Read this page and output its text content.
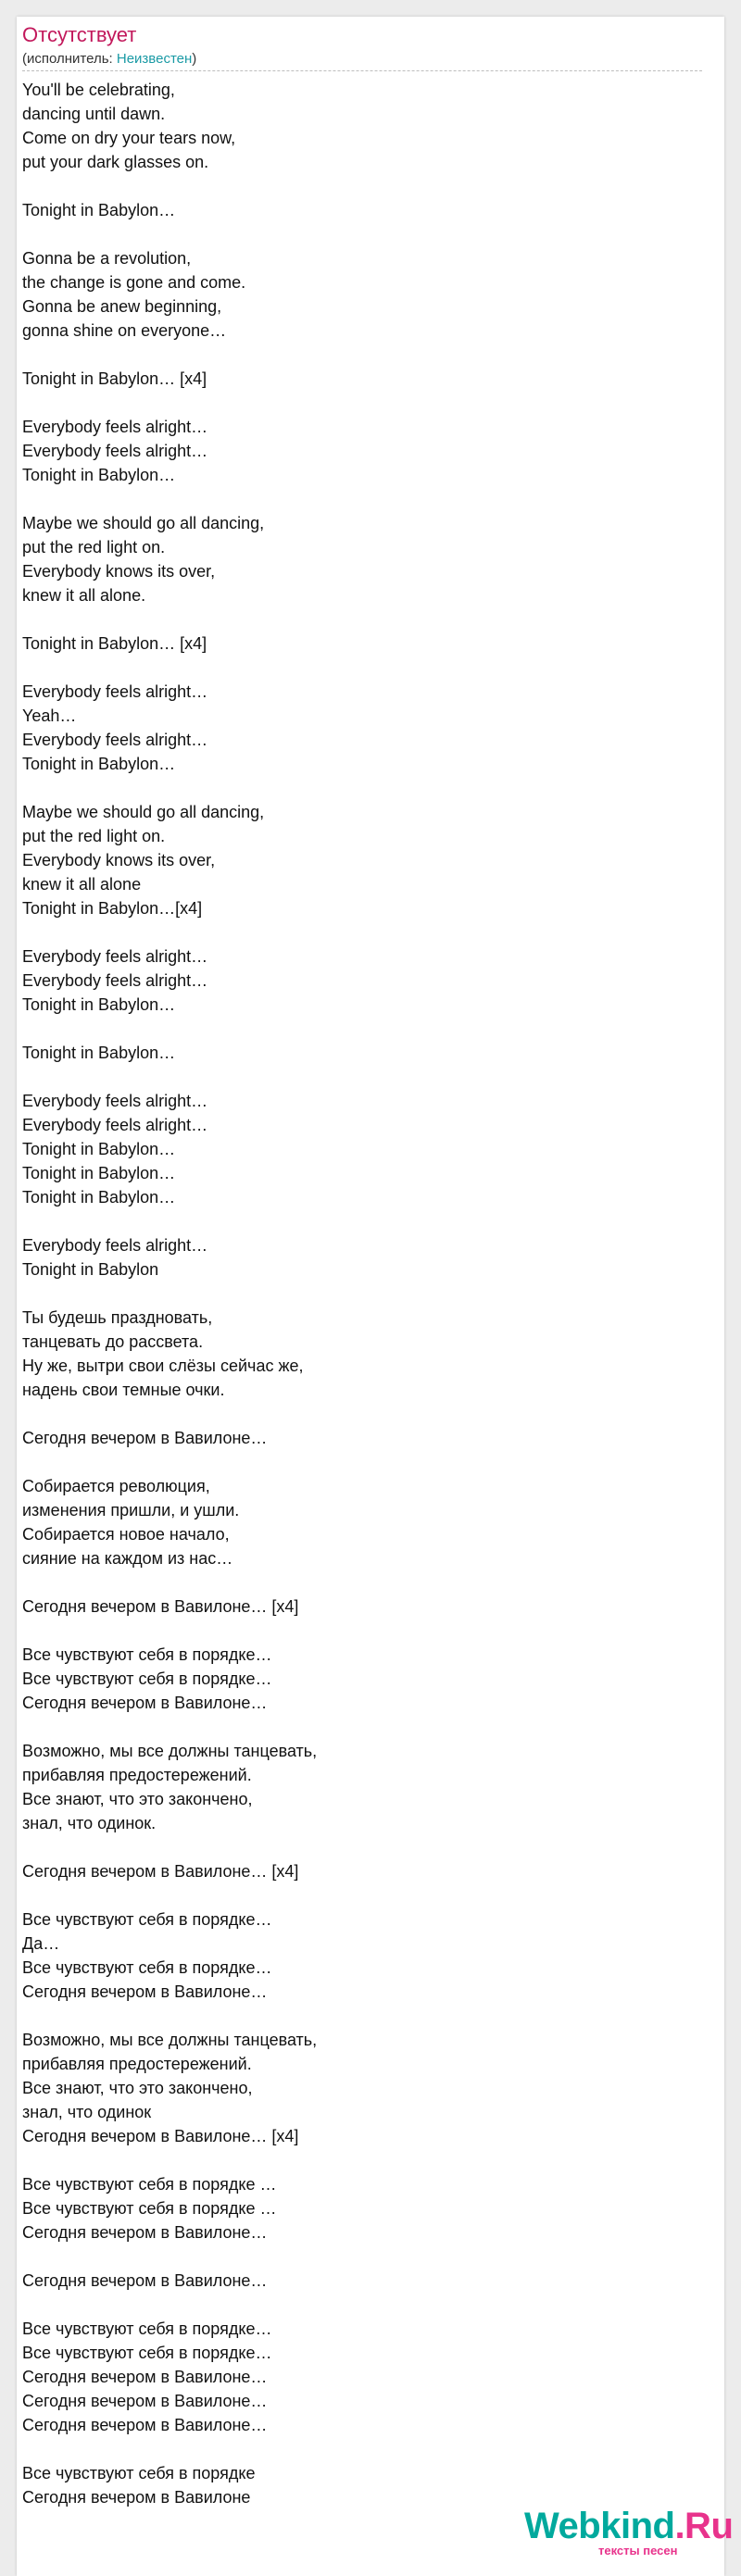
Отсутствует
(исполнитель: Неизвестен)
You'll be celebrating,
dancing until dawn.
Come on dry your tears now,
put your dark glasses on.
Tonight in Babylon…
Gonna be a revolution,
the change is gone and come.
Gonna be anew beginning,
gonna shine on everyone…
Tonight in Babylon… [x4]
Everybody feels alright…
Everybody feels alright…
Tonight in Babylon…
Maybe we should go all dancing,
put the red light on.
Everybody knows its over,
knew it all alone.
Tonight in Babylon… [x4]
Everybody feels alright…
Yeah…
Everybody feels alright…
Tonight in Babylon…
Maybe we should go all dancing,
put the red light on.
Everybody knows its over,
knew it all alone
Tonight in Babylon…[x4]
Everybody feels alright…
Everybody feels alright…
Tonight in Babylon…
Tonight in Babylon…
Everybody feels alright…
Everybody feels alright…
Tonight in Babylon…
Tonight in Babylon…
Tonight in Babylon…
Everybody feels alright…
Tonight in Babylon
Ты будешь праздновать,
танцевать до рассвета.
Ну же, вытри свои слёзы сейчас же,
надень свои темные очки.
Сегодня вечером в Вавилоне…
Собирается революция,
изменения пришли, и ушли.
Собирается новое начало,
сияние на каждом из нас…
Сегодня вечером в Вавилоне… [x4]
Все чувствуют себя в порядке…
Все чувствуют себя в порядке…
Сегодня вечером в Вавилоне…
Возможно, мы все должны танцевать,
прибавляя предостережений.
Все знают, что это закончено,
знал, что одинок.
Сегодня вечером в Вавилоне… [x4]
Все чувствуют себя в порядке…
Да…
Все чувствуют себя в порядке…
Сегодня вечером в Вавилоне…
Возможно, мы все должны танцевать,
прибавляя предостережений.
Все знают, что это закончено,
знал, что одинок
Сегодня вечером в Вавилоне… [x4]
Все чувствуют себя в порядке …
Все чувствуют себя в порядке …
Сегодня вечером в Вавилоне…
Сегодня вечером в Вавилоне…
Все чувствуют себя в порядке…
Все чувствуют себя в порядке…
Сегодня вечером в Вавилоне…
Сегодня вечером в Вавилоне…
Сегодня вечером в Вавилоне…
Все чувствуют себя в порядке
Сегодня вечером в Вавилоне
Webkind.Ru
тексты песен
